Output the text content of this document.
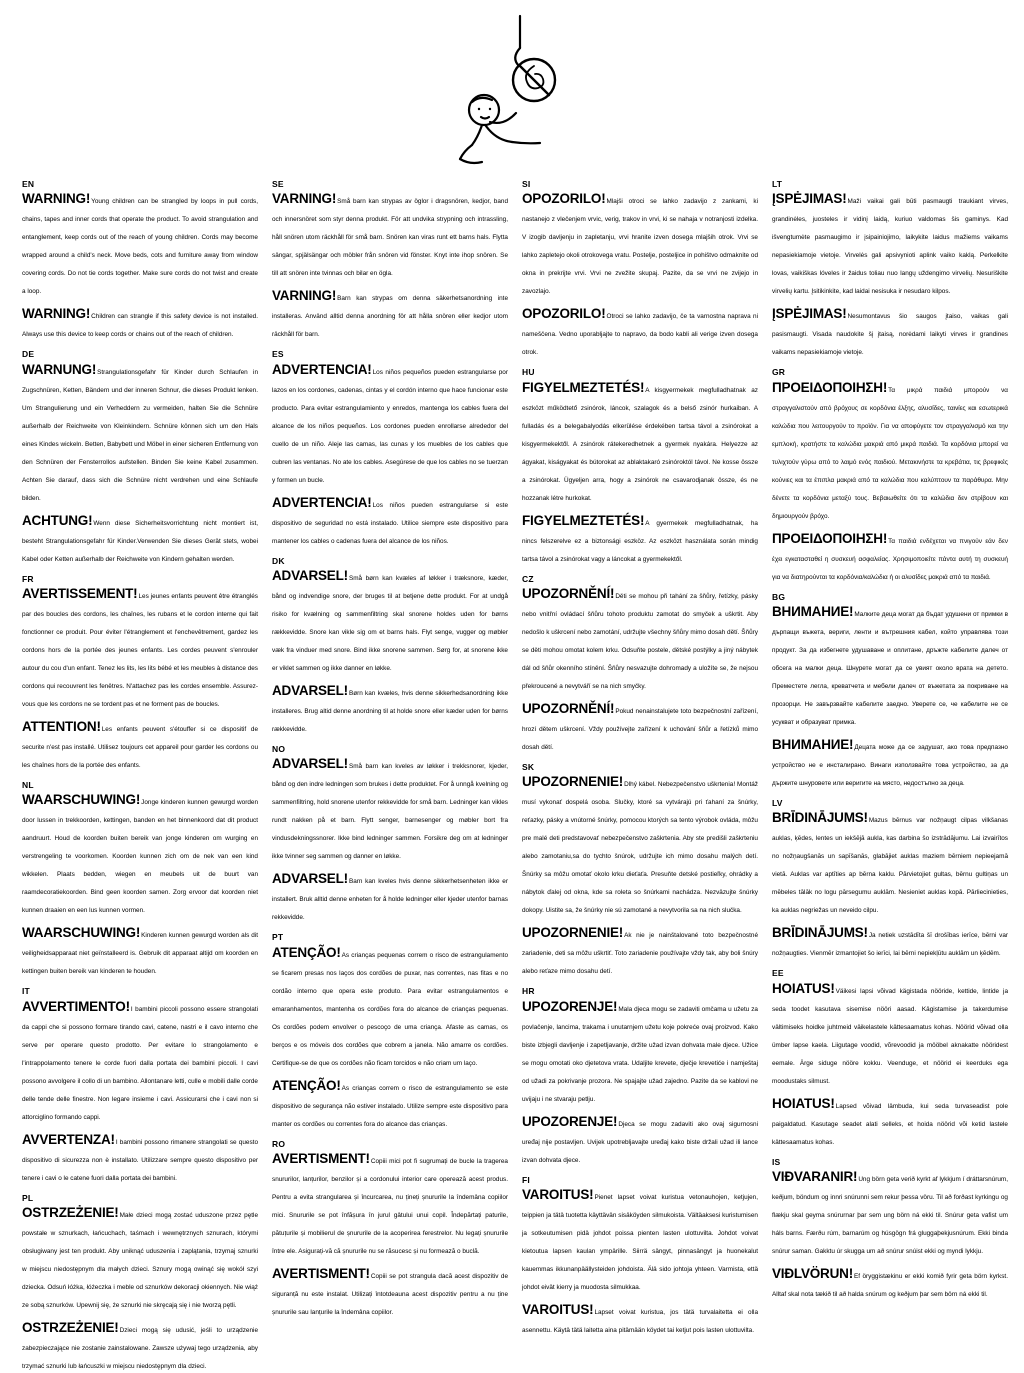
EN
WARNING!Young children can be strangled by loops in pull cords, chains, tapes and inner cords that operate the product. To avoid strangulation and entanglement, keep cords out of the reach of young children. Cords may become wrapped around a child's neck. Move beds, cots and furniture away from window covering cords. Do not tie cords together. Make sure cords do not twist and create a loop.
WARNING!Children can strangle if this safety device is not installed. Always use this device to keep cords or chains out of the reach of children.
DE
WARNUNG!Strangulationsgefahr für Kinder durch Schlaufen in Zugschnüren, Ketten, Bändern und der inneren Schnur, die dieses Produkt lenken. Um Strangulierung und ein Verheddern zu vermeiden, halten Sie die Schnüre außerhalb der Reichweite von Kleinkindern. Schnüre können sich um den Hals eines Kindes wickeln. Betten, Babybett und Möbel in einer sicheren Entfernung von den Schnüren der Fensterrollos aufstellen. Binden Sie keine Kabel zusammen. Achten Sie darauf, dass sich die Schnüre nicht verdrehen und eine Schlaufe bilden.
ACHTUNG!Wenn diese Sicherheitsvorrichtung nicht montiert ist, besteht Strangulationsgefahr für Kinder.Verwenden Sie dieses Gerät stets, wobei Kabel oder Ketten außerhalb der Reichweite von Kindern gehalten werden.
FR
AVERTISSEMENT!Les jeunes enfants peuvent être étranglés par des boucles des cordons, les chaînes, les rubans et le cordon interne qui fait fonctionner ce produit. Pour éviter l'étranglement et l'enchevêtrement, gardez les cordons hors de la portée des jeunes enfants. Les cordes peuvent s'enrouler autour du cou d'un enfant. Tenez les lits, les lits bébé et les meubles à distance des cordons qui recouvrent les fenêtres. N'attachez pas les cordes ensemble. Assurez-vous que les cordons ne se tordent pas et ne forment pas de boucles.
ATTENTION!Les enfants peuvent s'étouffer si ce dispositif de securite n'est pas installé. Utilisez toujours cet appareil pour garder les cordons ou les chaînes hors de la portée des enfants.
NL
WAARSCHUWING!Jonge kinderen kunnen gewurgd worden door lussen in trekkoorden, kettingen, banden en het binnenkoord dat dit product aandruurt. Houd de koorden buiten bereik van jonge kinderen om wurging en verstrengeling te voorkomen. Koorden kunnen zich om de nek van een kind wikkelen. Plaats bedden, wiegen en meubels uit de buurt van raamdecoratiekoorden. Bind geen koorden samen. Zorg ervoor dat koorden niet kunnen draaien en een lus kunnen vormen.
WAARSCHUWING!Kinderen kunnen gewurgd worden als dit veiligheidsapparaat niet geïnstalleerd is. Gebruik dit apparaat altijd om koorden en kettingen buiten bereik van kinderen te houden.
IT
AVVERTIMENTO!I bambini piccoli possono essere strangolati da cappi che si possono formare tirando cavi, catene, nastri e il cavo interno che serve per operare questo prodotto. Per evitare lo strangolamento e l'intrappolamento tenere le corde fuori dalla portata dei bambini piccoli. I cavi possono avvolgere il collo di un bambino. Allontanare letti, culle e mobili dalle corde delle tende delle finestre. Non legare insieme i cavi. Assicurarsi che i cavi non si attorciglino formando cappi.
AVVERTENZA!I bambini possono rimanere strangolati se questo dispositivo di sicurezza non è installato. Utilizzare sempre questo dispositivo per tenere i cavi o le catene fuori dalla portata dei bambini.
PL
OSTRZEŻENIE!Małe dzieci mogą zostać uduszone przez pętle powstałe w sznurkach, łańcuchach, taśmach i wewnętrznych sznurach, którymi obsługiwany jest ten produkt. Aby uniknąć uduszenia i zaplątania, trzymaj sznurki w miejscu niedostępnym dla małych dzieci. Sznury mogą owinąć się wokół szyi dziecka. Odsuń łóżka, łóżeczka i meble od sznurków dekoracji okiennych. Nie wiąż ze sobą sznurków. Upewnij się, że sznurki nie skręcają się i nie tworzą pętli.
OSTRZEŻENIE!Dzieci mogą się udusić, jeśli to urządzenie zabezpieczające nie zostanie zainstalowane. Zawsze używaj tego urządzenia, aby trzymać sznurki lub łańcuszki w miejscu niedostępnym dla dzieci.
SE
VARNING!Små barn kan strypas av öglor i dragsnören, kedjor, band och innersnöret som styr denna produkt. För att undvika strypning och intrassling, håll snören utom räckhåll för små barn. Snören kan viras runt ett barns hals. Flytta sängar, spjälsängar och möbler från snören vid fönster. Knyt inte ihop snören. Se till att snören inte tvinnas och bilar en ögla.
VARNING!Barn kan strypas om denna säkerhetsanordning inte installeras. Använd alltid denna anordning för att hålla snören eller kedjor utom räckhåll för barn.
ES
ADVERTENCIA!Los niños pequeños pueden estrangularse por lazos en los cordones, cadenas, cintas y el cordón interno que hace funcionar este producto. Para evitar estrangulamiento y enredos, mantenga los cables fuera del alcance de los niños pequeños. Los cordones pueden enrollarse alrededor del cuello de un niño. Aleje las camas, las cunas y los muebles de los cables que cubren las ventanas. No ate los cables. Asegúrese de que los cables no se tuerzan y formen un bucle.
ADVERTENCIA!Los niños pueden estrangularse si este dispositivo de seguridad no está instalado. Utilice siempre este dispositivo para mantener los cables o cadenas fuera del alcance de los niños.
DK
ADVARSEL!Små børn kan kvæles af løkker i træksnore, kæder, bånd og indvendige snore, der bruges til at betjene dette produkt. For at undgå risiko for kvælning og sammenfiltring skal snorene holdes uden for børns rækkevidde. Snore kan vikle sig om et barns hals. Flyt senge, vugger og møbler væk fra vinduer med snore. Bind ikke snorene sammen. Sørg for, at snorene ikke er viklet sammen og ikke danner en løkke.
ADVARSEL!Børn kan kvæles, hvis denne sikkerhedsanordning ikke installeres. Brug altid denne anordning til at holde snore eller kæder uden for børns rækkevidde.
NO
ADVARSEL!Små barn kan kveles av løkker i trekksnorer, kjeder, bånd og den indre ledningen som brukes i dette produktet. For å unngå kvelning og sammenfiltring, hold snorene utenfor rekkevidde for små barn. Ledninger kan vikles rundt nakken på et barn. Flytt senger, barnesenger og møbler bort fra vindusdekningssnorer. Ikke bind ledninger sammen. Forsikre deg om at ledninger ikke tvinner seg sammen og danner en løkke.
ADVARSEL!Barn kan kveles hvis denne sikkerhetsenheten ikke er installert. Bruk alltid denne enheten for å holde ledninger eller kjeder utenfor barnas rekkevidde.
PT
ATENÇÃO!As crianças pequenas correm o risco de estrangulamento se ficarem presas nos laços dos cordões de puxar, nas correntes, nas fitas e no cordão interno que opera este produto. Para evitar estrangulamentos e emaranhamentos, mantenha os cordões fora do alcance de crianças pequenas. Os cordões podem envolver o pescoço de uma criança. Afaste as camas, os berços e os móveis dos cordões que cobrem a janela. Não amarre os cordões. Certifique-se de que os cordões não ficam torcidos e não criam um laço.
ATENÇÃO!As crianças correm o risco de estrangulamento se este dispositivo de segurança não estiver instalado. Utilize sempre este dispositivo para manter os cordões ou correntes fora do alcance das crianças.
RO
AVERTISMENT!Copiii mici pot fi sugrumați de bucle la tragerea snururilor, lanțurilor, benzilor și a cordonului interior care operează acest produs. Pentru a evita strangularea și încurcarea, nu țineți șnururile la îndemâna copiilor mici. Snururile se pot înfășura în jurul gâtului unui copil. Îndepărtați paturile, pătuțurile și mobilierul de șnururile de la acoperirea ferestrelor. Nu legați șnururile între ele. Asigurați-vă că șnururile nu se răsucesc și nu formează o buclă.
AVERTISMENT!Copiii se pot strangula dacă acest dispozitiv de siguranță nu este instalat. Utilizați întotdeauna acest dispozitiv pentru a nu ține șnururile sau lanțurile la îndemâna copiilor.
SI
OPOZORILO!Mlajši otroci se lahko zadavijo z zankami, ki nastanejo z vlečenjem vrvic, verig, trakov in vrvi, ki se nahaja v notranjosti izdelka. V izogib davljenju in zapletanju, vrvi hranite izven dosega mlajših otrok. Vrvi se lahko zapletejo okoli otrokovega vratu. Postelje, posteljice in pohištvo odmaknite od okna in prekrijte vrvi. Vrvi ne zvežite skupaj. Pazite, da se vrvi ne zvijejo in zavozlajo.
OPOZORILO!Otroci se lahko zadavijo, če ta varnostna naprava ni nameščena. Vedno uporabljajte to napravo, da bodo kabli ali verige izven dosega otrok.
HU
FIGYELMEZTETÉS!A kisgyermekek megfulladhatnak az eszközt működtető zsinórok, láncok, szalagok és a belső zsinór hurkaiban. A fulladás és a belegabalyodás elkerülése érdekében tartsa távol a zsinórokat a kisgyermekektől. A zsinórok rátekeredhetnek a gyermek nyakára. Helyezze az ágyakat, kiságyakat és bútorokat az ablaktakaró zsinóroktól távol. Ne kosse össze a zsinórokat. Ügyeljen arra, hogy a zsinórok ne csavarodjanak össze, és ne hozzanak létre hurkokat.
FIGYELMEZTETÉS!A gyermekek megfulladhatnak, ha nincs felszerelve ez a biztonsági eszköz. Az eszközt használata során mindig tartsa távol a zsinórokat vagy a láncokat a gyermekektől.
CZ
UPOZORNĚNÍ!Děti se mohou při tahání za šňůry, řetízky, pásky nebo vnitřní ovládací šňůru tohoto produktu zamotat do smyček a uškrtit. Aby nedošlo k uškrcení nebo zamotání, udržujte všechny šňůry mimo dosah dětí. Šňůry se děti mohou omotat kolem krku. Odsuňte postele, dětské postýlky a jiný nábytek dál od šňůr okenního stínění. Šňůry nesvazujte dohromady a uložíte se, že nejsou překroucené a nevytváří se na nich smyčky.
UPOZORNĚNÍ!Pokud nenainstalujete toto bezpečnostní zařízení, hrozí dětem uškrcení. Vždy používejte zařízení k uchování šňůr a řetízků mimo dosah dětí.
SK
UPOZORNENIE!Dlhý kábel. Nebezpečenstvo uškrtenia! Montáž musí vykonať dospelá osoba. Slučky, ktoré sa vytvárajú pri ťahaní za šnúrky, reťazky, pásky a vnútorné šnúrky, pomocou ktorých sa tento výrobok ovláda, môžu pre malé deti predstavovať nebezpečenstvo zaškrtenia. Aby ste predišli zaškrteniu alebo zamotaniu,sa do tychto šnúrok, udržujte ich mimo dosahu malých detí. Šnúrky sa môžu omotať okolo krku dieťaťa. Presuňte detské postieľky, ohrádky a nábytok ďalej od okna, kde sa roleta so šnúrkami nachádza. Nezväzujte šnúrky dokopy. Uistite sa, že šnúrky nie sú zamotané a nevytvorila sa na nich slučka.
UPOZORNENIE!Ak nie je nainštalované toto bezpečnostné zariadenie, deti sa môžu uškrtiť. Toto zariadenie používajte vždy tak, aby boli šnúry alebo reťaze mimo dosahu detí.
HR
UPOZORENJE!Mala djeca mogu se zadaviti omčama u užetu za povlačenje, lancima, trakama i unutarnjem užetu koje pokreće ovaj proizvod. Kako biste izbjegli davljenje i zapetljavanje, držite užad izvan dohvata male djece. Užice se mogu omotati oko djetetova vrata. Udaljite krevete, dječje krevetiće i namještaj od užadi za pokrivanje prozora. Ne spajajte užad zajedno. Pazite da se kablovi ne uvijaju i ne stvaraju petlju.
UPOZORENJE!Djeca se mogu zadaviti ako ovaj sigurnosni uređaj nije postavljen. Uvijek upotrebljavajte uređaj kako biste držali užad ili lance izvan dohvata djece.
FI
VAROITUS!Pienet lapset voivat kuristua vetonauhojen, ketjujen, teippien ja tätä tuotetta käyttävän sisäköyden silmukoista. Vältäaksesi kuristumisen ja sotkeutumisen pidä johdot poissa pienten lasten ulottuvilta. Johdot voivat kietoutua lapsen kaulan ympärille. Siirrä sängyt, pinnasängyt ja huonekalut kauemmas ikkunanpäällysteiden johdoista. Älä sido johtoja yhteen. Varmista, että johdot eivät kierry ja muodosta silmukkaa.
VAROITUS!Lapset voivat kuristua, jos tätä turvalaitetta ei olla asennettu. Käytä tätä laitetta aina pitämään köydet tai ketjut pois lasten ulottuvilta.
LT
ĮSPĖJIMAS!Maži vaikai gali būti pasmaugti traukiant virves, grandinėles, juosteles ir vidinį laidą, kuriuo valdomas šis gaminys. Kad išvengtumėte pasmaugimo ir įsipainiojimo, laikykite laidus mažiems vaikams nepasiekiamoje vietoje. Virvelės gali apsivynioti aplink vaiko kaklą. Perkelkite lovas, vaikiškas lóveles ir žaidus toliau nuo langų uždengimo virvelių. Nesuriškite virvelių kartu. Įsitikinkite, kad laidai nesisuka ir nesudaro kilpos.
ĮSPĖJIMAS!Nesumontavus šio saugos įtaiso, vaikas gali pasismaugti. Visada naudokite šį įtaisą, norėdami laikyti virves ir grandines vaikams nepasiekiamoje vietoje.
GR
ΠΡΟΕΙΔΟΠΟΙΗΣΗ!Τα μικρά παιδιά μπορούν να στραγγαλιστούν από βρόχους σε κορδόνια έλξης, αλυσίδες, ταινίες και εσωτερικά καλώδια που λειτουργούν το προϊόν. Για να αποφύγετε τον στραγγαλισμό και την εμπλοκή, κρατήστε τα καλώδια μακριά από μικρά παιδιά. Τα κορδόνια μπορεί να τυλιχτούν γύρω από το λαιμό ενός παιδιού. Μετακινήστε τα κρεβάτια, τις βρεφικές κούνιες και τα έπιπλα μακριά από τα καλώδια που καλύπτουν τα παράθυρα. Μην δένετε τα κορδόνια μεταξύ τους. Βεβαιωθείτε ότι τα καλώδια δεν στρίβουν και δημιουργούν βρόχο.
ΠΡΟΕΙΔΟΠΟΙΗΣΗ!Τα παιδιά ενδέχεται να πνιγούν εάν δεν έχει εγκατασταθεί η συσκευή ασφαλείας. Χρησιμοποιείτε πάντα αυτή τη συσκευή για να διατηρούνται τα κορδόνια/καλώδια ή οι αλυσίδες μακριά από τα παιδιά.
BG
ВНИМАНИЕ!Малките деца могат да бъдат удушени от примки в дърпащи въжета, вериги, ленти и вътрешния кабел, който управлява този продукт. За да избегнете удушаване и оплитане, дръжте кабелите далеч от обсега на малки деца. Шнурете могат да се увият около врата на детето. Преместете легла, креватчета и мебели далеч от въжетата за покриване на прозорци. Не завързвайте кабелите заедно. Уверете се, че кабелите не се усукват и образуват примка.
ВНИМАНИЕ!Децата може да се задушат, ако това предпазно устройство не е инсталирано. Винаги използвайте това устройство, за да държите шнуровете или веригите на място, недостъпно за деца.
LV
BRĪDINĀJUMS!Mazus bērnus var nožņaugt cilpas vilkšanas auklas, ķēdes, lentes un iekšējā aukla, kas darbina šo izstrādājumu. Lai izvairītos no nožņaugšanās un sapīšanās, glabājiet auklas maziem bērniem nepieejamā vietā. Auklas var aptīties ap bērna kaklu. Pārvietojiet gultas, bērnu gultiņas un mēbeles tālāk no logu pārsegumu auklām. Nesieniet auklas kopā. Pārliecinieties, ka auklas negriežas un neveido cilpu.
BRĪDINĀJUMS!Ja netiek uzstādīta šī drošības ierīce, bērni var nožņaugties. Vienmēr izmantojiet šo ierīci, lai bērni nepiekļūtu auklām un ķēdēm.
EE
HOIATUS!Väikesi lapsi võivad kägistada nööride, kettide, lintide ja seda toodet kasutava sisemise nööri aasad. Kägistamise ja takerdumise vältimiseks hoidke juhtmeid väikelastele kättesaamatus kohas. Nöörid võivad olla ümber lapse kaela. Liigutage voodid, võrevoodid ja mööbel aknakatte nööridest eemale. Ärge siduge nööre kokku. Veenduge, et nöörid ei keerduks ega moodustaks silmust.
HOIATUS!Lapsed võivad lämbuda, kui seda turvaseadist pole paigaldatud. Kasutage seadet alati selleks, et hoida nöörid või ketid lastele kättesaamatus kohas.
IS
VIÐVARANIR!Ung börn geta verið kyrkt af lykkjum í dráttarsnúrum, keðjum, böndum og innri snúrunni sem rekur þessa vöru. Til að forðast kyrkingu og flækju skal geyma snúrurnar þar sem ung börn ná ekki til. Snúrur geta vafist um háls barns. Færðu rúm, barnarúm og húsgögn frá gluggaþekjusnúrum. Ekki binda snúrur saman. Gakktu úr skugga um að snúrur snúist ekki og myndi lykkju.
VIÐLVÖRUN!Ef öryggistækinu er ekki komið fyrir geta börn kyrkst. Alltaf skal nota tækið til að halda snúrum og keðjum þar sem börn ná ekki til.
